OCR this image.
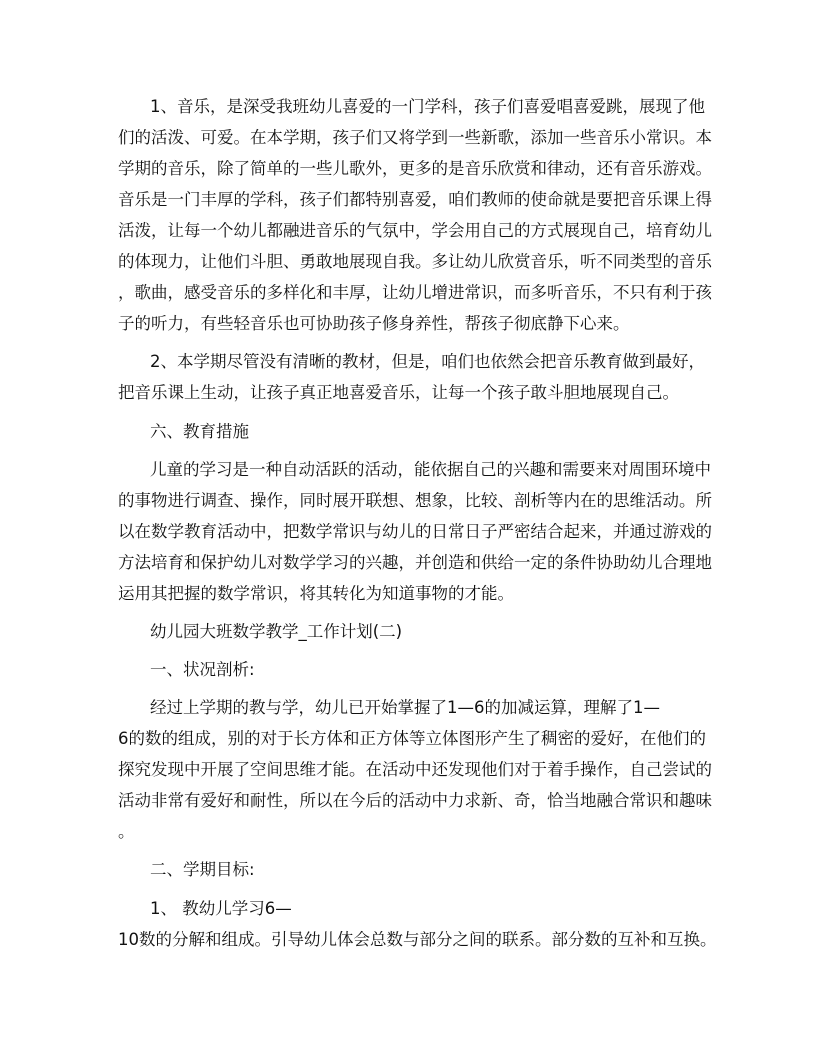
1、音乐，是深受我班幼儿喜爱的一门学科，孩子们喜爱唱喜爱跳，展现了他
们的活泼、可爱。在本学期，孩子们又将学到一些新歌，添加一些音乐小常识。本
学期的音乐，除了简单的一些儿歌外，更多的是音乐欣赏和律动，还有音乐游戏。
音乐是一门丰厚的学科，孩子们都特别喜爱，咱们教师的使命就是要把音乐课上得
活泼，让每一个幼儿都融进音乐的气氛中，学会用自己的方式展现自己，培育幼儿
的体现力，让他们斗胆、勇敢地展现自我。多让幼儿欣赏音乐，听不同类型的音乐
，歌曲，感受音乐的多样化和丰厚，让幼儿增进常识，而多听音乐，不只有利于孩
子的听力，有些轻音乐也可协助孩子修身养性，帮孩子彻底静下心来。
2、本学期尽管没有清晰的教材，但是，咱们也依然会把音乐教育做到最好，
把音乐课上生动，让孩子真正地喜爱音乐，让每一个孩子敢斗胆地展现自己。
六、教育措施
儿童的学习是一种自动活跃的活动，能依据自己的兴趣和需要来对周围环境中
的事物进行调查、操作，同时展开联想、想象，比较、剖析等内在的思维活动。所
以在数学教育活动中，把数学常识与幼儿的日常日子严密结合起来，并通过游戏的
方法培育和保护幼儿对数学学习的兴趣，并创造和供给一定的条件协助幼儿合理地
运用其把握的数学常识，将其转化为知道事物的才能。
幼儿园大班数学教学_工作计划(二)
一、状况剖析:
经过上学期的教与学，幼儿已开始掌握了1—6的加减运算，理解了1—
6的数的组成，别的对于长方体和正方体等立体图形产生了稠密的爱好，在他们的
探究发现中开展了空间思维才能。在活动中还发现他们对于着手操作，自己尝试的
活动非常有爱好和耐性，所以在今后的活动中力求新、奇，恰当地融合常识和趣味
。
二、学期目标:
1、 教幼儿学习6—
10数的分解和组成。引导幼儿体会总数与部分之间的联系。部分数的互补和互换。
